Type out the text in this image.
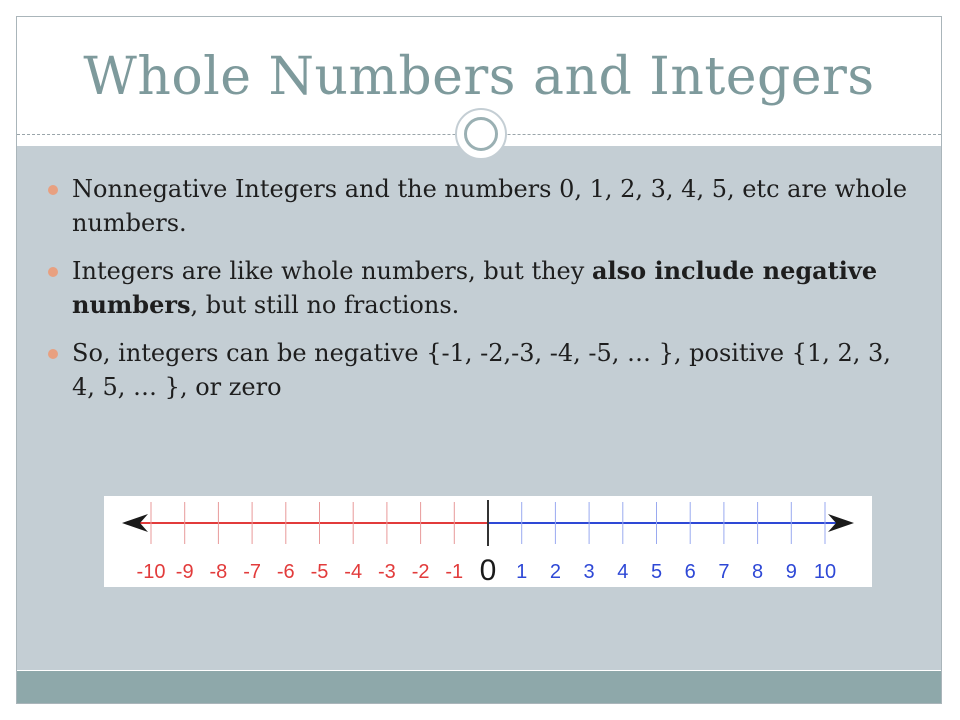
Whole Numbers and Integers
Nonnegative Integers and the numbers 0, 1, 2, 3, 4, 5, etc are whole numbers.
Integers are like whole numbers, but they also include negative numbers, but still no fractions.
So, integers can be negative {-1, -2,-3, -4, -5, … }, positive {1, 2, 3, 4, 5, … }, or zero
-10 -9 -8 -7 -6 -5 -4 -3 -2 -1	1 2 3 4 5 6 7 8 9 10
0
